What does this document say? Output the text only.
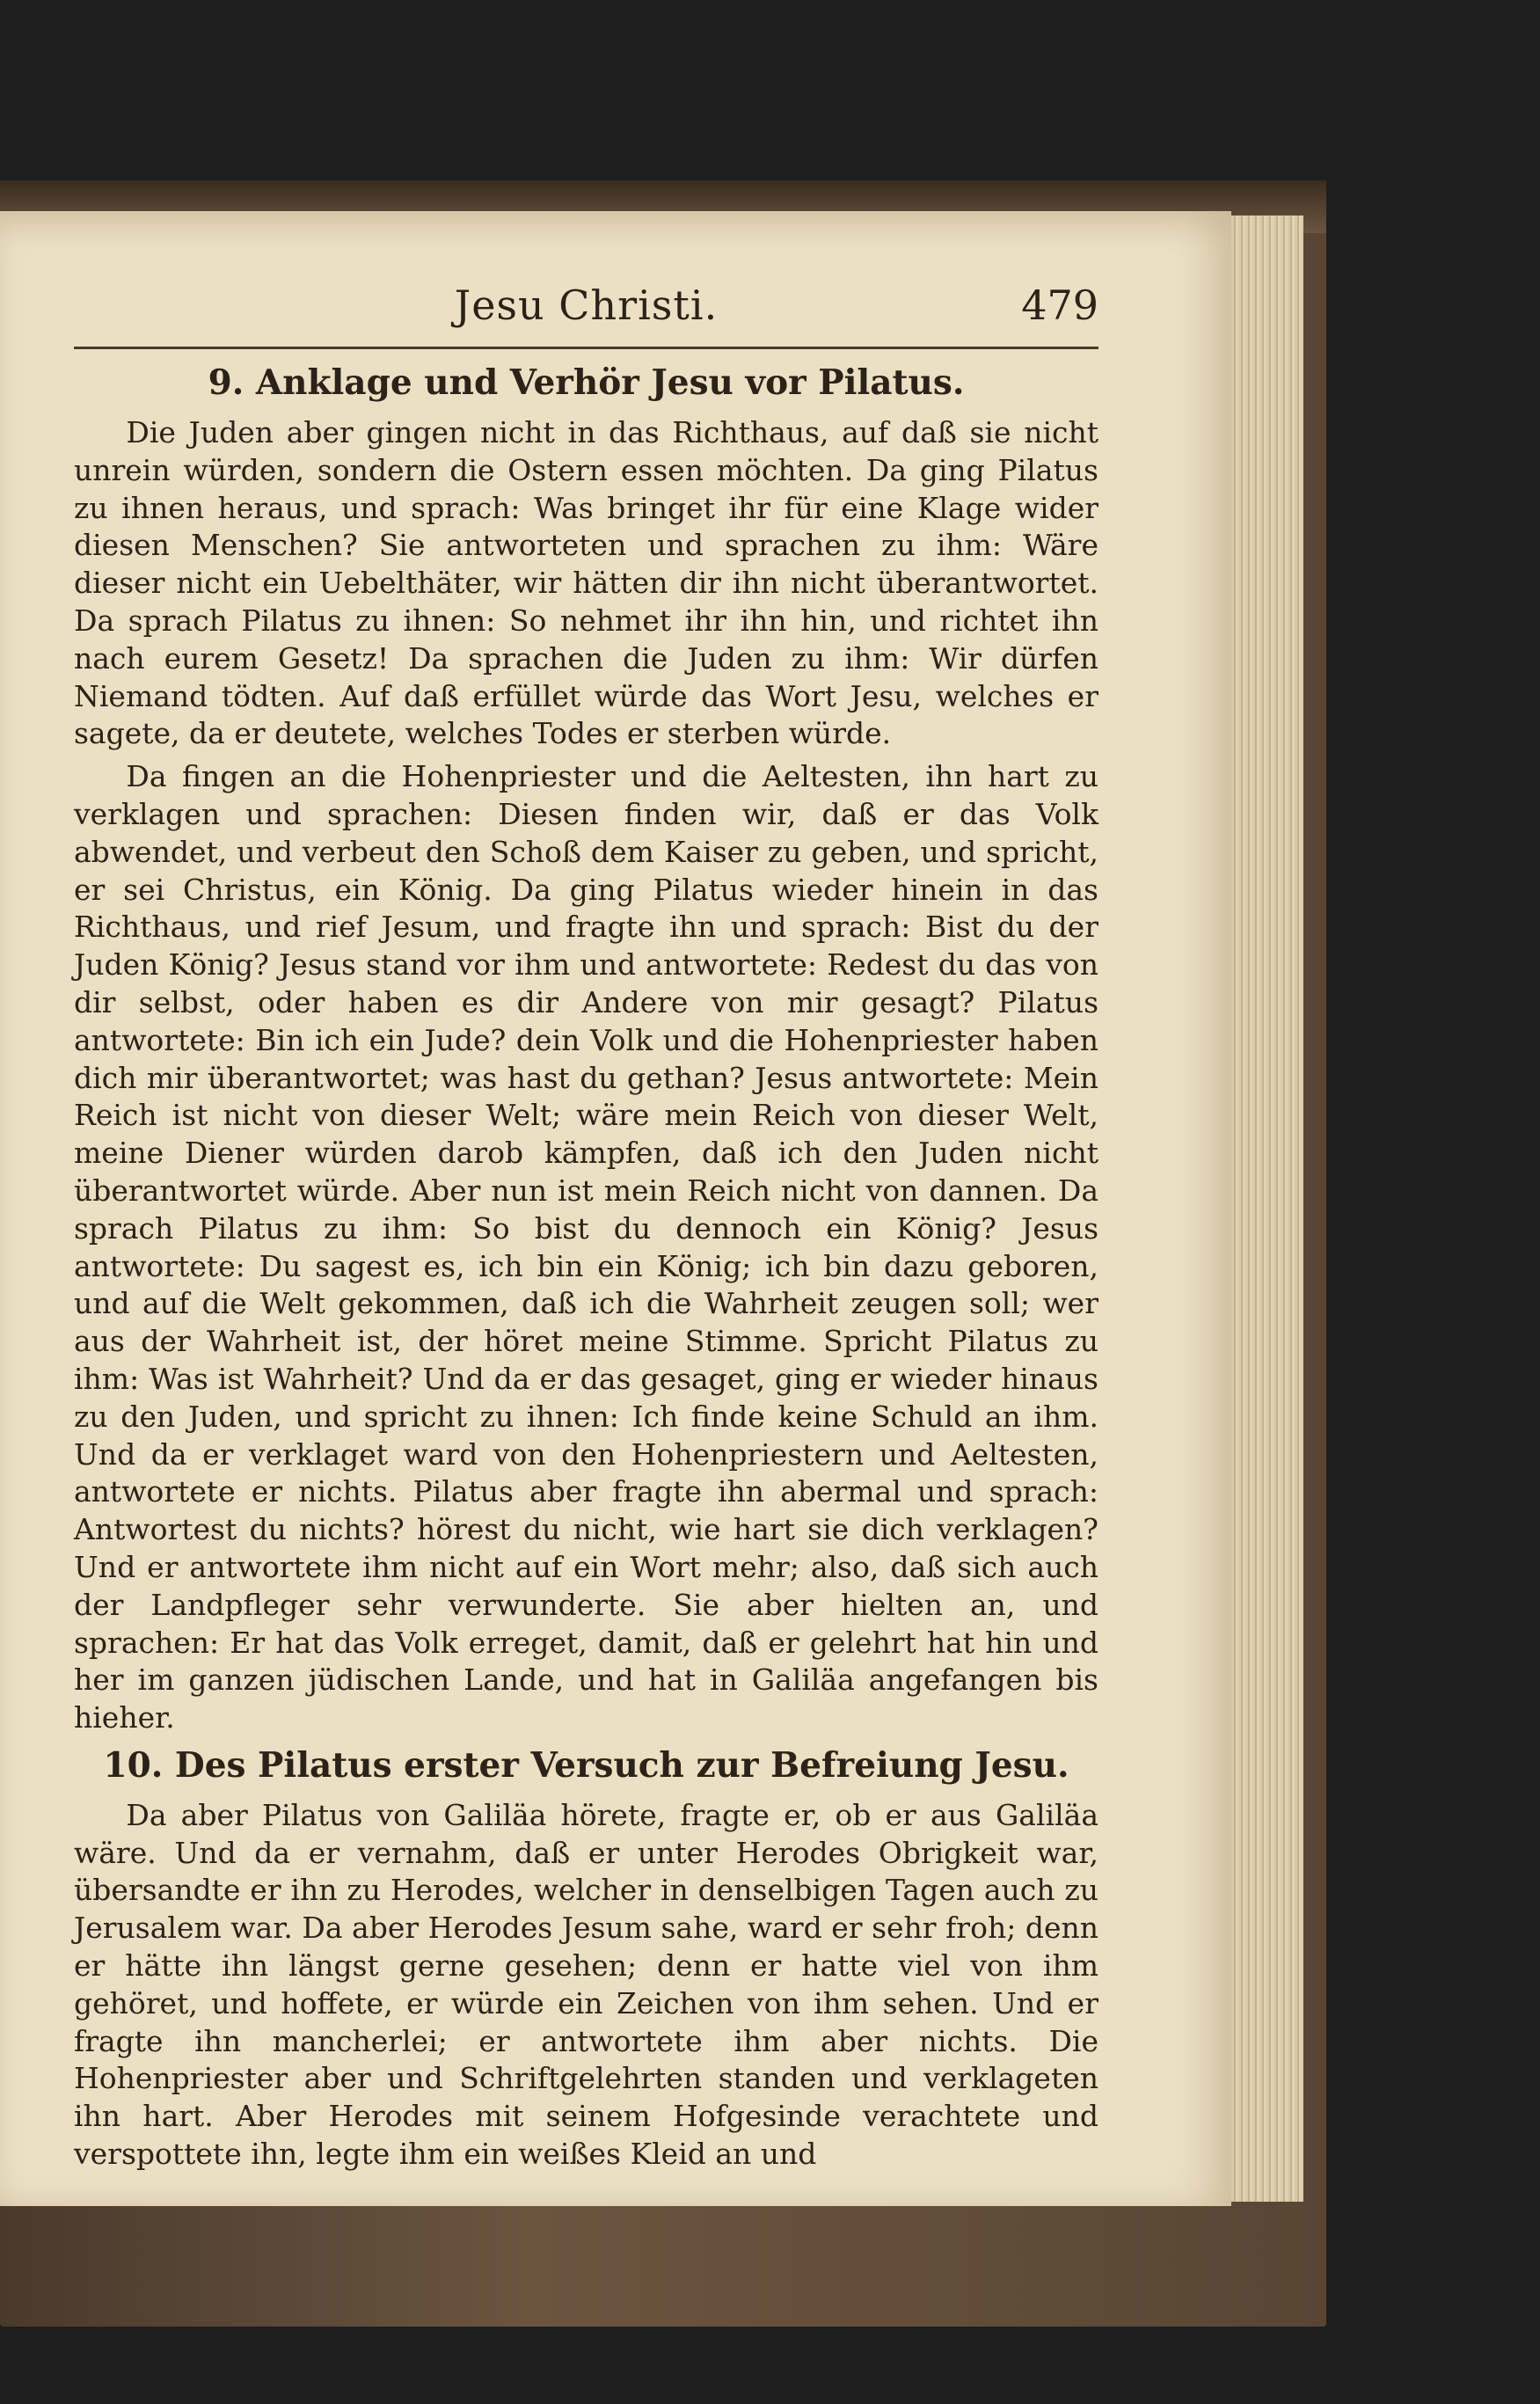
Jesu Christi.	479
9. Anklage und Verhör Jesu vor Pilatus.

Die Juden aber gingen nicht in das Richthaus, auf daß sie nicht unrein würden, sondern die Ostern essen möchten. Da ging Pilatus zu ihnen heraus, und sprach: Was bringet ihr für eine Klage wider diesen Menschen? Sie antworteten und sprachen zu ihm: Wäre dieser nicht ein Uebelthäter, wir hätten dir ihn nicht überantwortet. Da sprach Pilatus zu ihnen: So nehmet ihr ihn hin, und richtet ihn nach eurem Gesetz! Da sprachen die Juden zu ihm: Wir dürfen Niemand tödten. Auf daß erfüllet würde das Wort Jesu, welches er sagete, da er deutete, welches Todes er sterben würde.

Da fingen an die Hohenpriester und die Aeltesten, ihn hart zu verklagen und sprachen: Diesen finden wir, daß er das Volk abwendet, und verbeut den Schoß dem Kaiser zu geben, und spricht, er sei Christus, ein König. Da ging Pilatus wieder hinein in das Richthaus, und rief Jesum, und fragte ihn und sprach: Bist du der Juden König? Jesus stand vor ihm und antwortete: Redest du das von dir selbst, oder haben es dir Andere von mir gesagt? Pilatus antwortete: Bin ich ein Jude? dein Volk und die Hohenpriester haben dich mir überantwortet; was hast du gethan? Jesus antwortete: Mein Reich ist nicht von dieser Welt; wäre mein Reich von dieser Welt, meine Diener würden darob kämpfen, daß ich den Juden nicht überantwortet würde. Aber nun ist mein Reich nicht von dannen. Da sprach Pilatus zu ihm: So bist du dennoch ein König? Jesus antwortete: Du sagest es, ich bin ein König; ich bin dazu geboren, und auf die Welt gekommen, daß ich die Wahrheit zeugen soll; wer aus der Wahrheit ist, der höret meine Stimme. Spricht Pilatus zu ihm: Was ist Wahrheit? Und da er das gesaget, ging er wieder hinaus zu den Juden, und spricht zu ihnen: Ich finde keine Schuld an ihm. Und da er verklaget ward von den Hohenpriestern und Aeltesten, antwortete er nichts. Pilatus aber fragte ihn abermal und sprach: Antwortest du nichts? hörest du nicht, wie hart sie dich verklagen? Und er antwortete ihm nicht auf ein Wort mehr; also, daß sich auch der Landpfleger sehr verwunderte. Sie aber hielten an, und sprachen: Er hat das Volk erreget, damit, daß er gelehrt hat hin und her im ganzen jüdischen Lande, und hat in Galiläa angefangen bis hieher.

10. Des Pilatus erster Versuch zur Befreiung Jesu.

Da aber Pilatus von Galiläa hörete, fragte er, ob er aus Galiläa wäre. Und da er vernahm, daß er unter Herodes Obrigkeit war, übersandte er ihn zu Herodes, welcher in denselbigen Tagen auch zu Jerusalem war. Da aber Herodes Jesum sahe, ward er sehr froh; denn er hätte ihn längst gerne gesehen; denn er hatte viel von ihm gehöret, und hoffete, er würde ein Zeichen von ihm sehen. Und er fragte ihn mancherlei; er antwortete ihm aber nichts. Die Hohenpriester aber und Schriftgelehrten standen und verklageten ihn hart. Aber Herodes mit seinem Hofgesinde verachtete und verspottete ihn, legte ihm ein weißes Kleid an und
